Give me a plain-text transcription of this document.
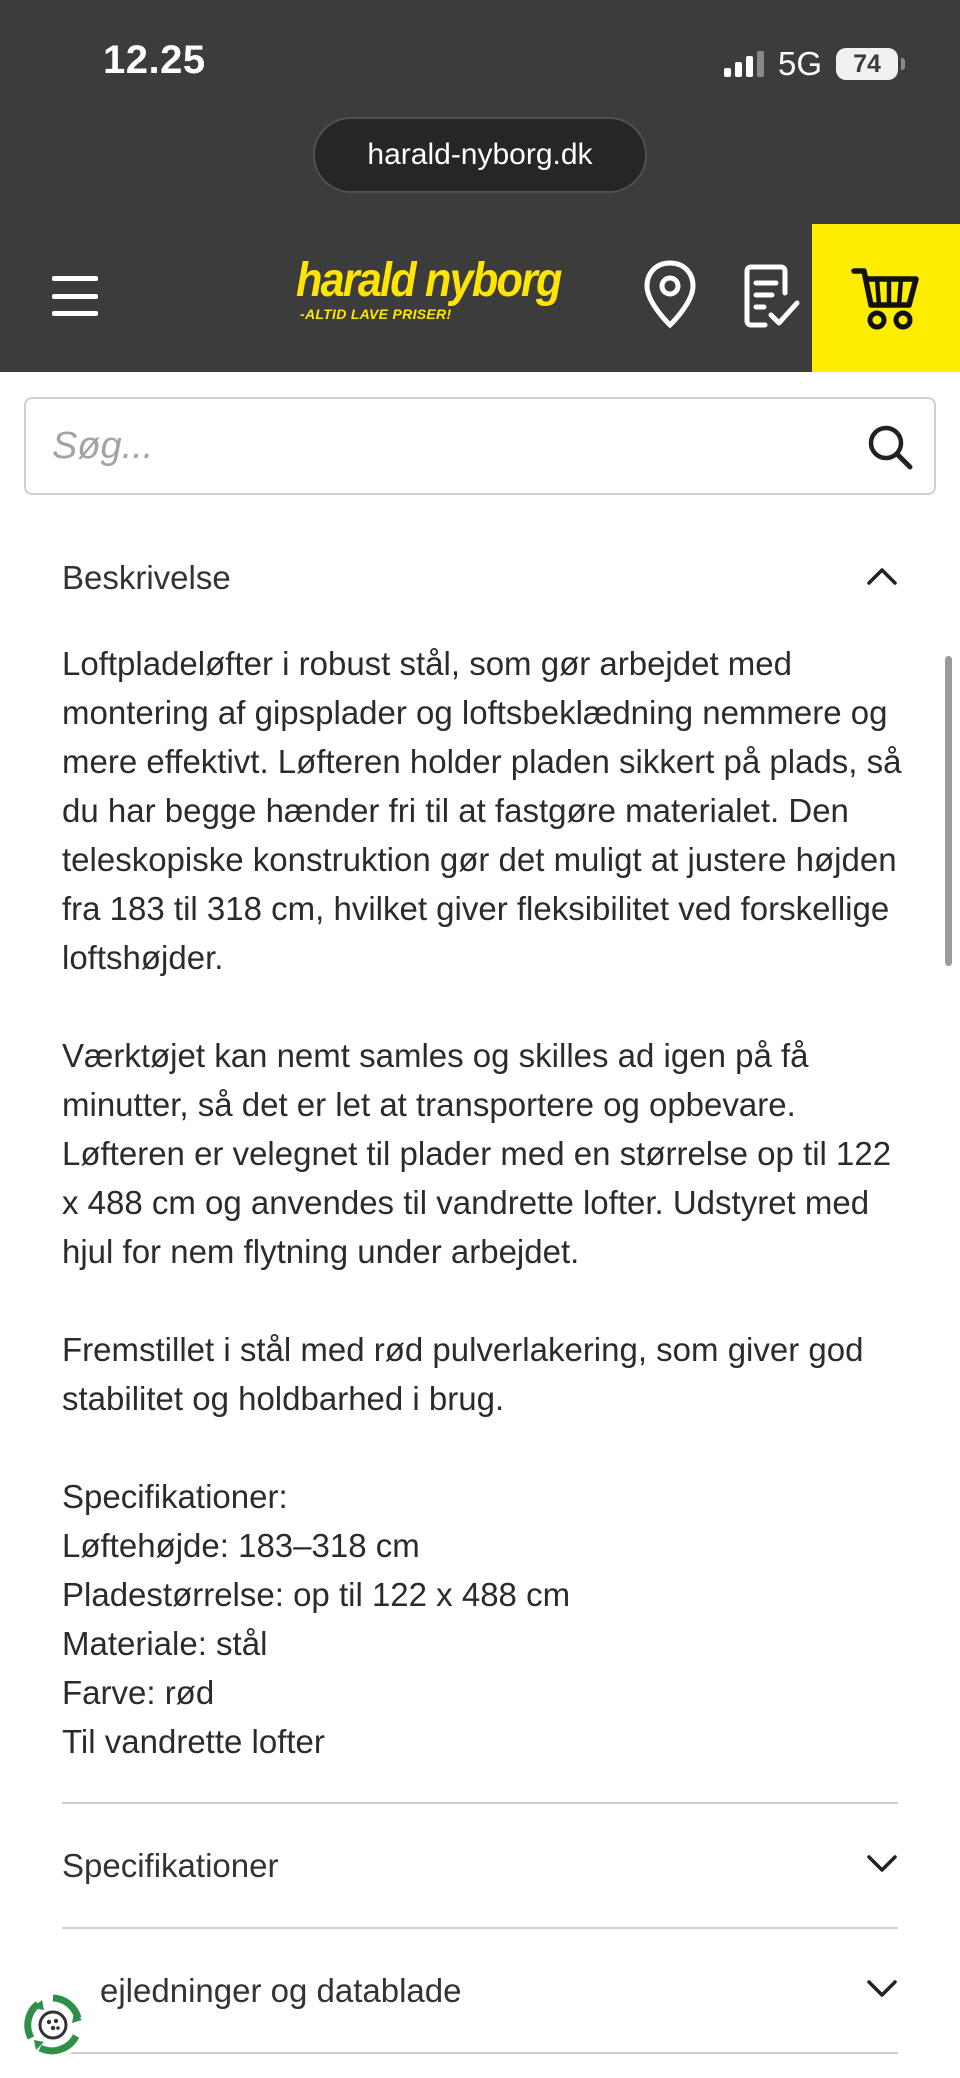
12.25	5G 74
harald-nyborg.dk
harald nyborg
-ALTID LAVE PRISER!
Søg...
Beskrivelse

Loftpladeløfter i robust stål, som gør arbejdet med montering af gipsplader og loftsbeklædning nemmere og mere effektivt. Løfteren holder pladen sikkert på plads, så du har begge hænder fri til at fastgøre materialet. Den teleskopiske konstruktion gør det muligt at justere højden fra 183 til 318 cm, hvilket giver fleksibilitet ved forskellige loftshøjder.

Værktøjet kan nemt samles og skilles ad igen på få minutter, så det er let at transportere og opbevare. Løfteren er velegnet til plader med en størrelse op til 122 x 488 cm og anvendes til vandrette lofter. Udstyret med hjul for nem flytning under arbejdet.

Fremstillet i stål med rød pulverlakering, som giver god stabilitet og holdbarhed i brug.

Specifikationer:
Løftehøjde: 183–318 cm
Pladestørrelse: op til 122 x 488 cm
Materiale: stål
Farve: rød
Til vandrette lofter

Specifikationer
ejledninger og datablade
